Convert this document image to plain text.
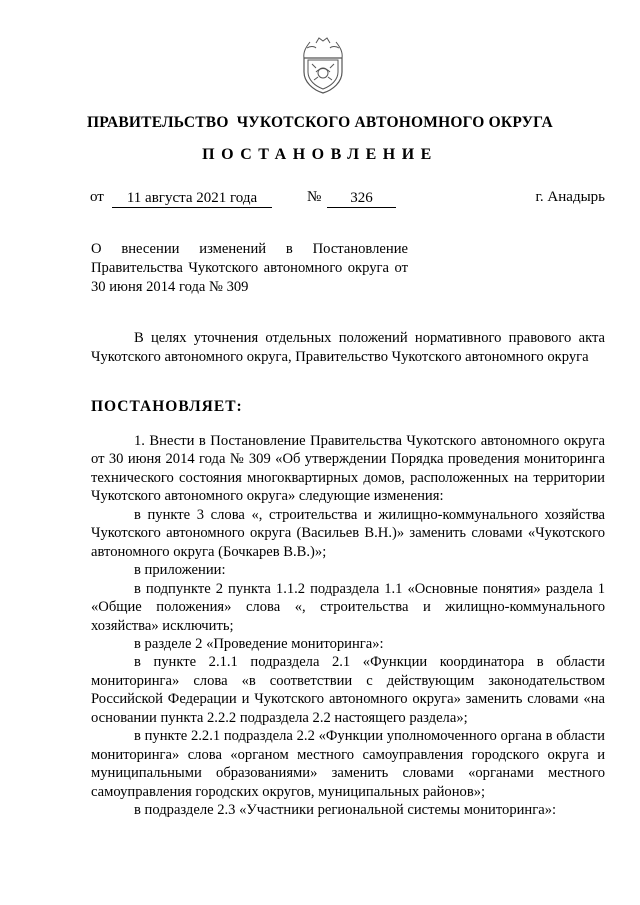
ПРАВИТЕЛЬСТВО  ЧУКОТСКОГО АВТОНОМНОГО ОКРУГА
ПОСТАНОВЛЕНИЕ
от	11 августа 2021 года	№	326	г. Анадырь
О внесении изменений в Постановление Правительства Чукотского автономного округа от 30 июня 2014 года № 309
В целях уточнения отдельных положений нормативного правового акта Чукотского автономного округа, Правительство Чукотского автономного округа
ПОСТАНОВЛЯЕТ:

1. Внести в Постановление Правительства Чукотского автономного округа от 30 июня 2014 года № 309 «Об утверждении Порядка проведения мониторинга технического состояния многоквартирных домов, расположенных на территории Чукотского автономного округа» следующие изменения:

в пункте 3 слова «, строительства и жилищно-коммунального хозяйства Чукотского автономного округа (Васильев В.Н.)» заменить словами «Чукотского автономного округа (Бочкарев В.В.)»;

в приложении:

в подпункте 2 пункта 1.1.2 подраздела 1.1 «Основные понятия» раздела 1 «Общие положения» слова «, строительства и жилищно-коммунального хозяйства» исключить;

в разделе 2 «Проведение мониторинга»:

в пункте 2.1.1 подраздела 2.1 «Функции координатора в области мониторинга» слова «в соответствии с действующим законодательством Российской Федерации и Чукотского автономного округа» заменить словами «на основании пункта 2.2.2 подраздела 2.2 настоящего раздела»;

в пункте 2.2.1 подраздела 2.2 «Функции уполномоченного органа в области мониторинга» слова «органом местного самоуправления городского округа и муниципальными образованиями» заменить словами «органами местного самоуправления городских округов, муниципальных районов»;

в подразделе 2.3 «Участники региональной системы мониторинга»:
